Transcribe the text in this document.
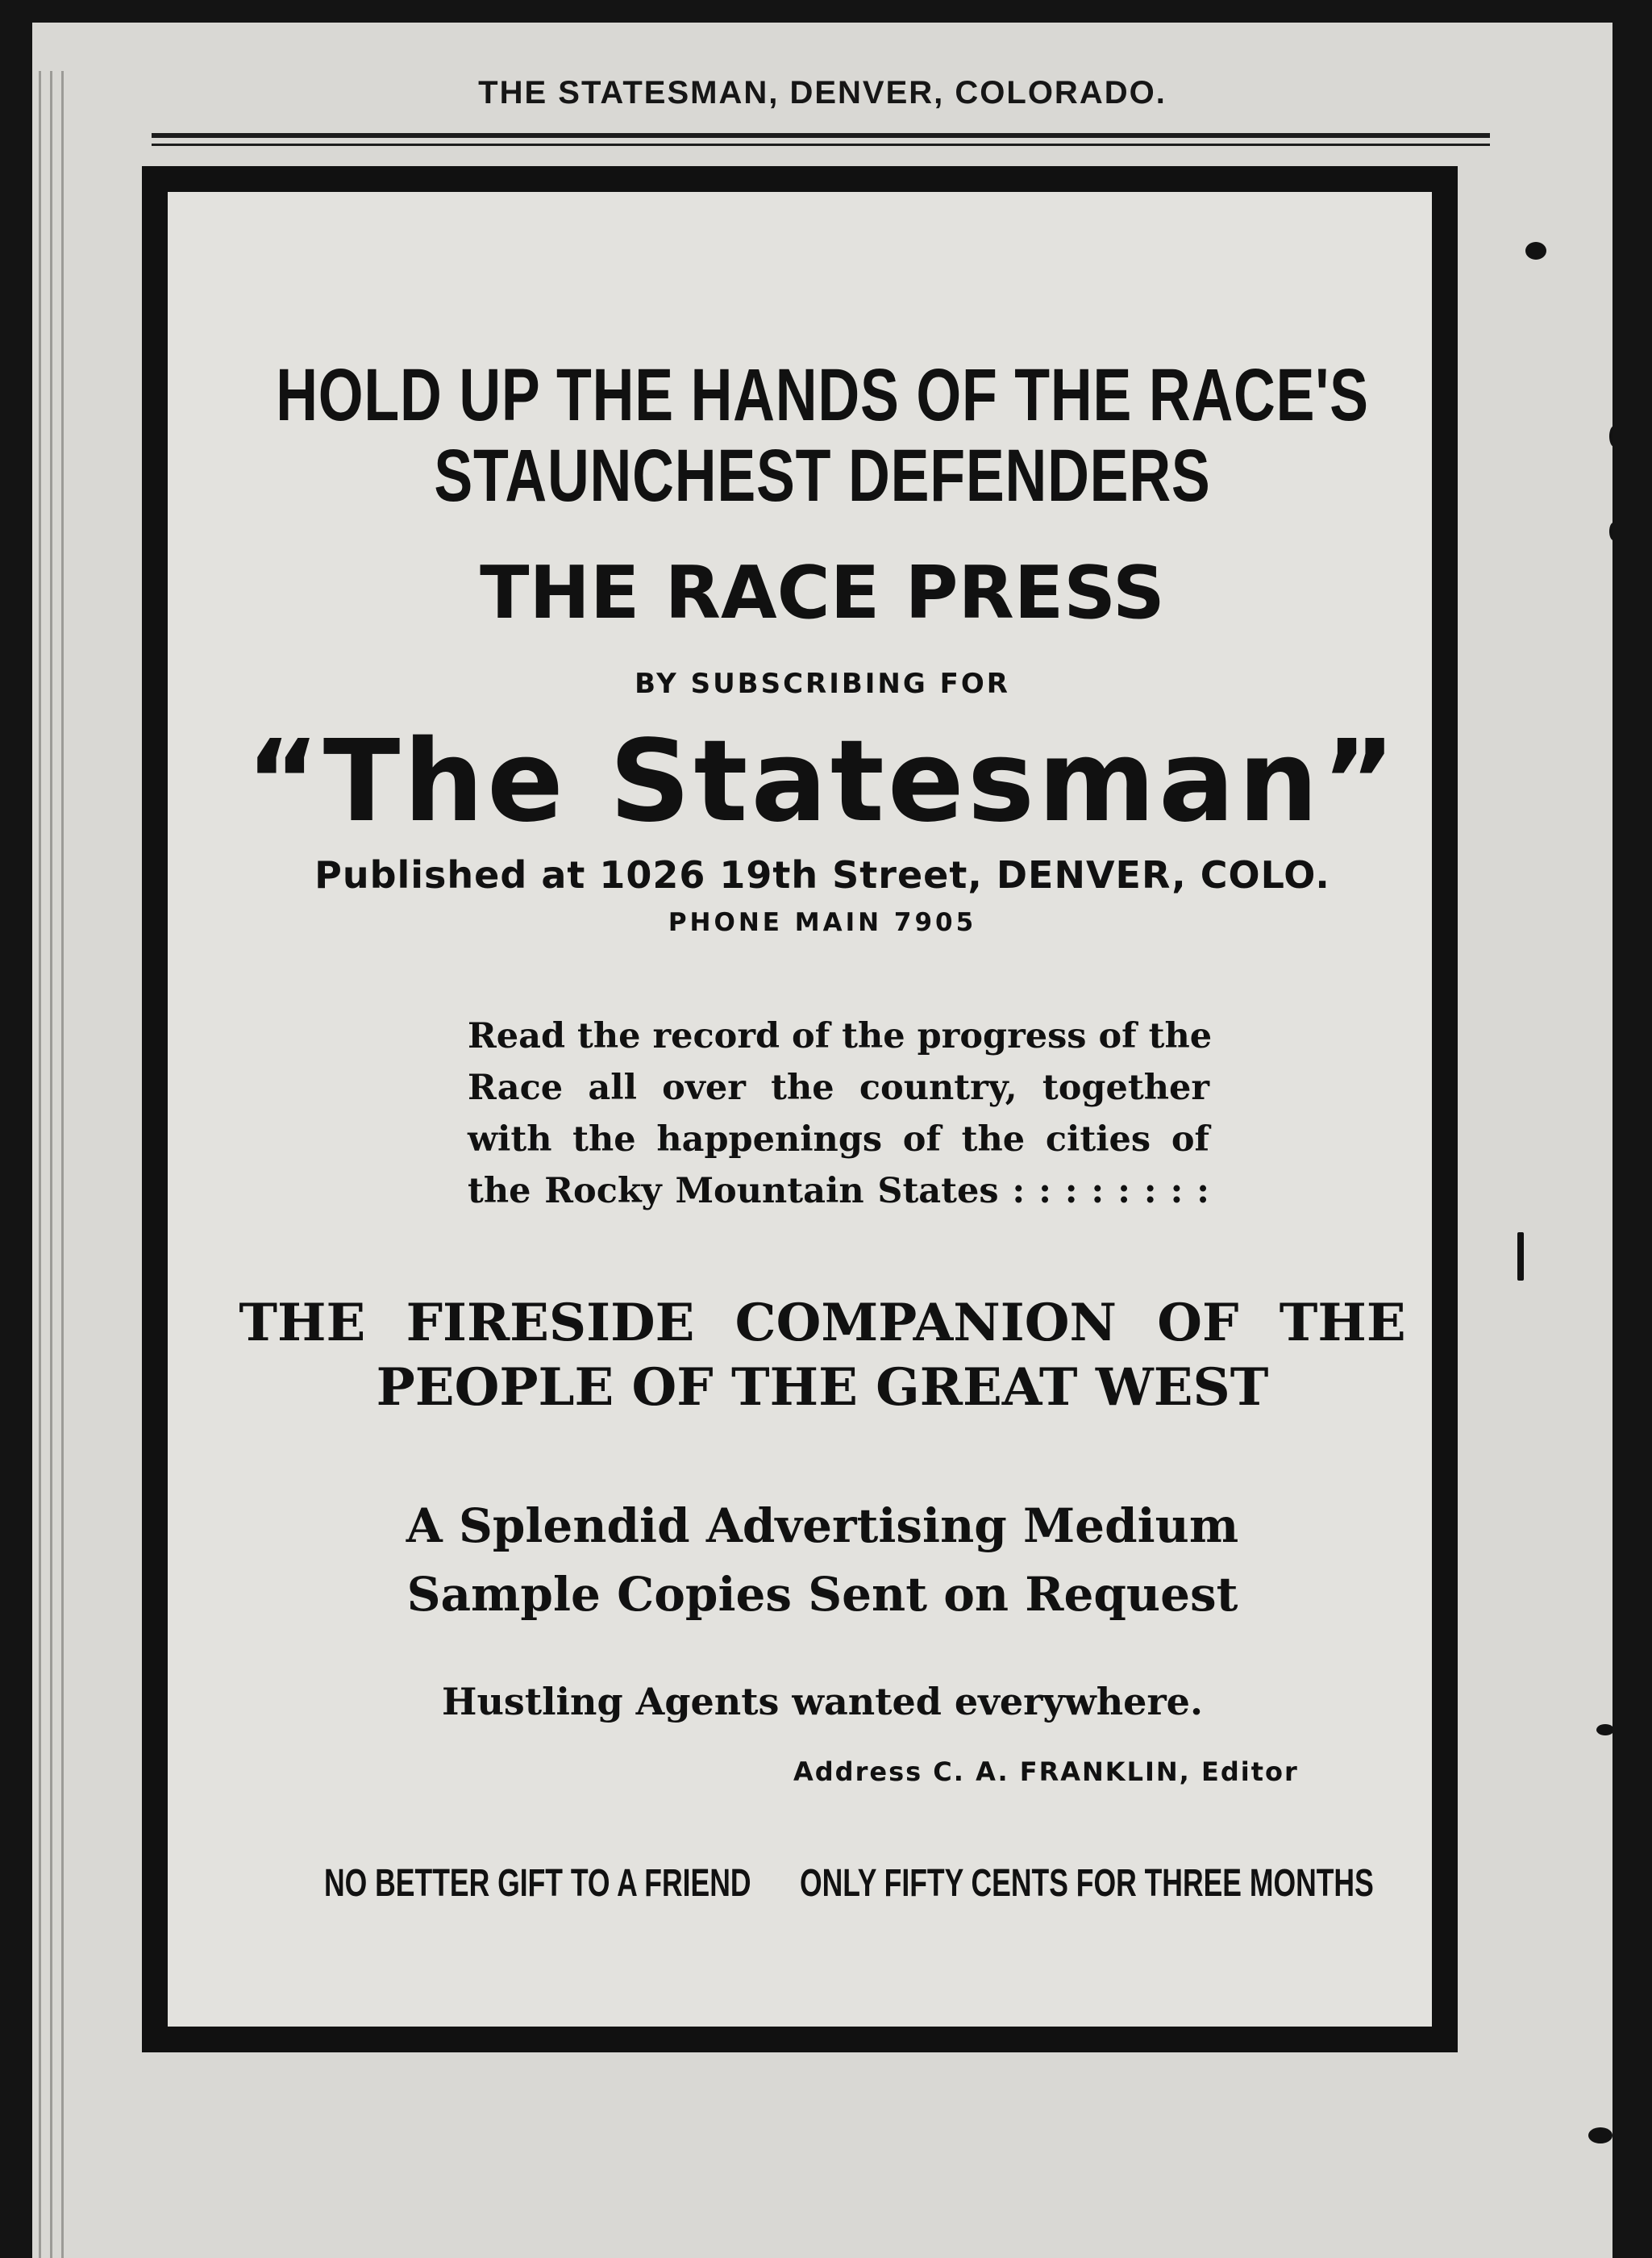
THE STATESMAN, DENVER, COLORADO.

HOLD UP THE HANDS OF THE RACE'S

STAUNCHEST DEFENDERS

THE RACE PRESS

BY SUBSCRIBING FOR

“The Statesman”

Published at 1026 19th Street, DENVER, COLO.

PHONE MAIN 7905

Read the record of the progress of the
Race all over the country, together
with the happenings of the cities of
the Rocky Mountain States : : : : : : : :

THE FIRESIDE COMPANION OF THE

PEOPLE OF THE GREAT WEST

A Splendid Advertising Medium

Sample Copies Sent on Request

Hustling Agents wanted everywhere.

Address C. A. FRANKLIN, Editor
NO BETTER GIFT TO A FRIEND ONLY FIFTY CENTS FOR THREE MONTHS
